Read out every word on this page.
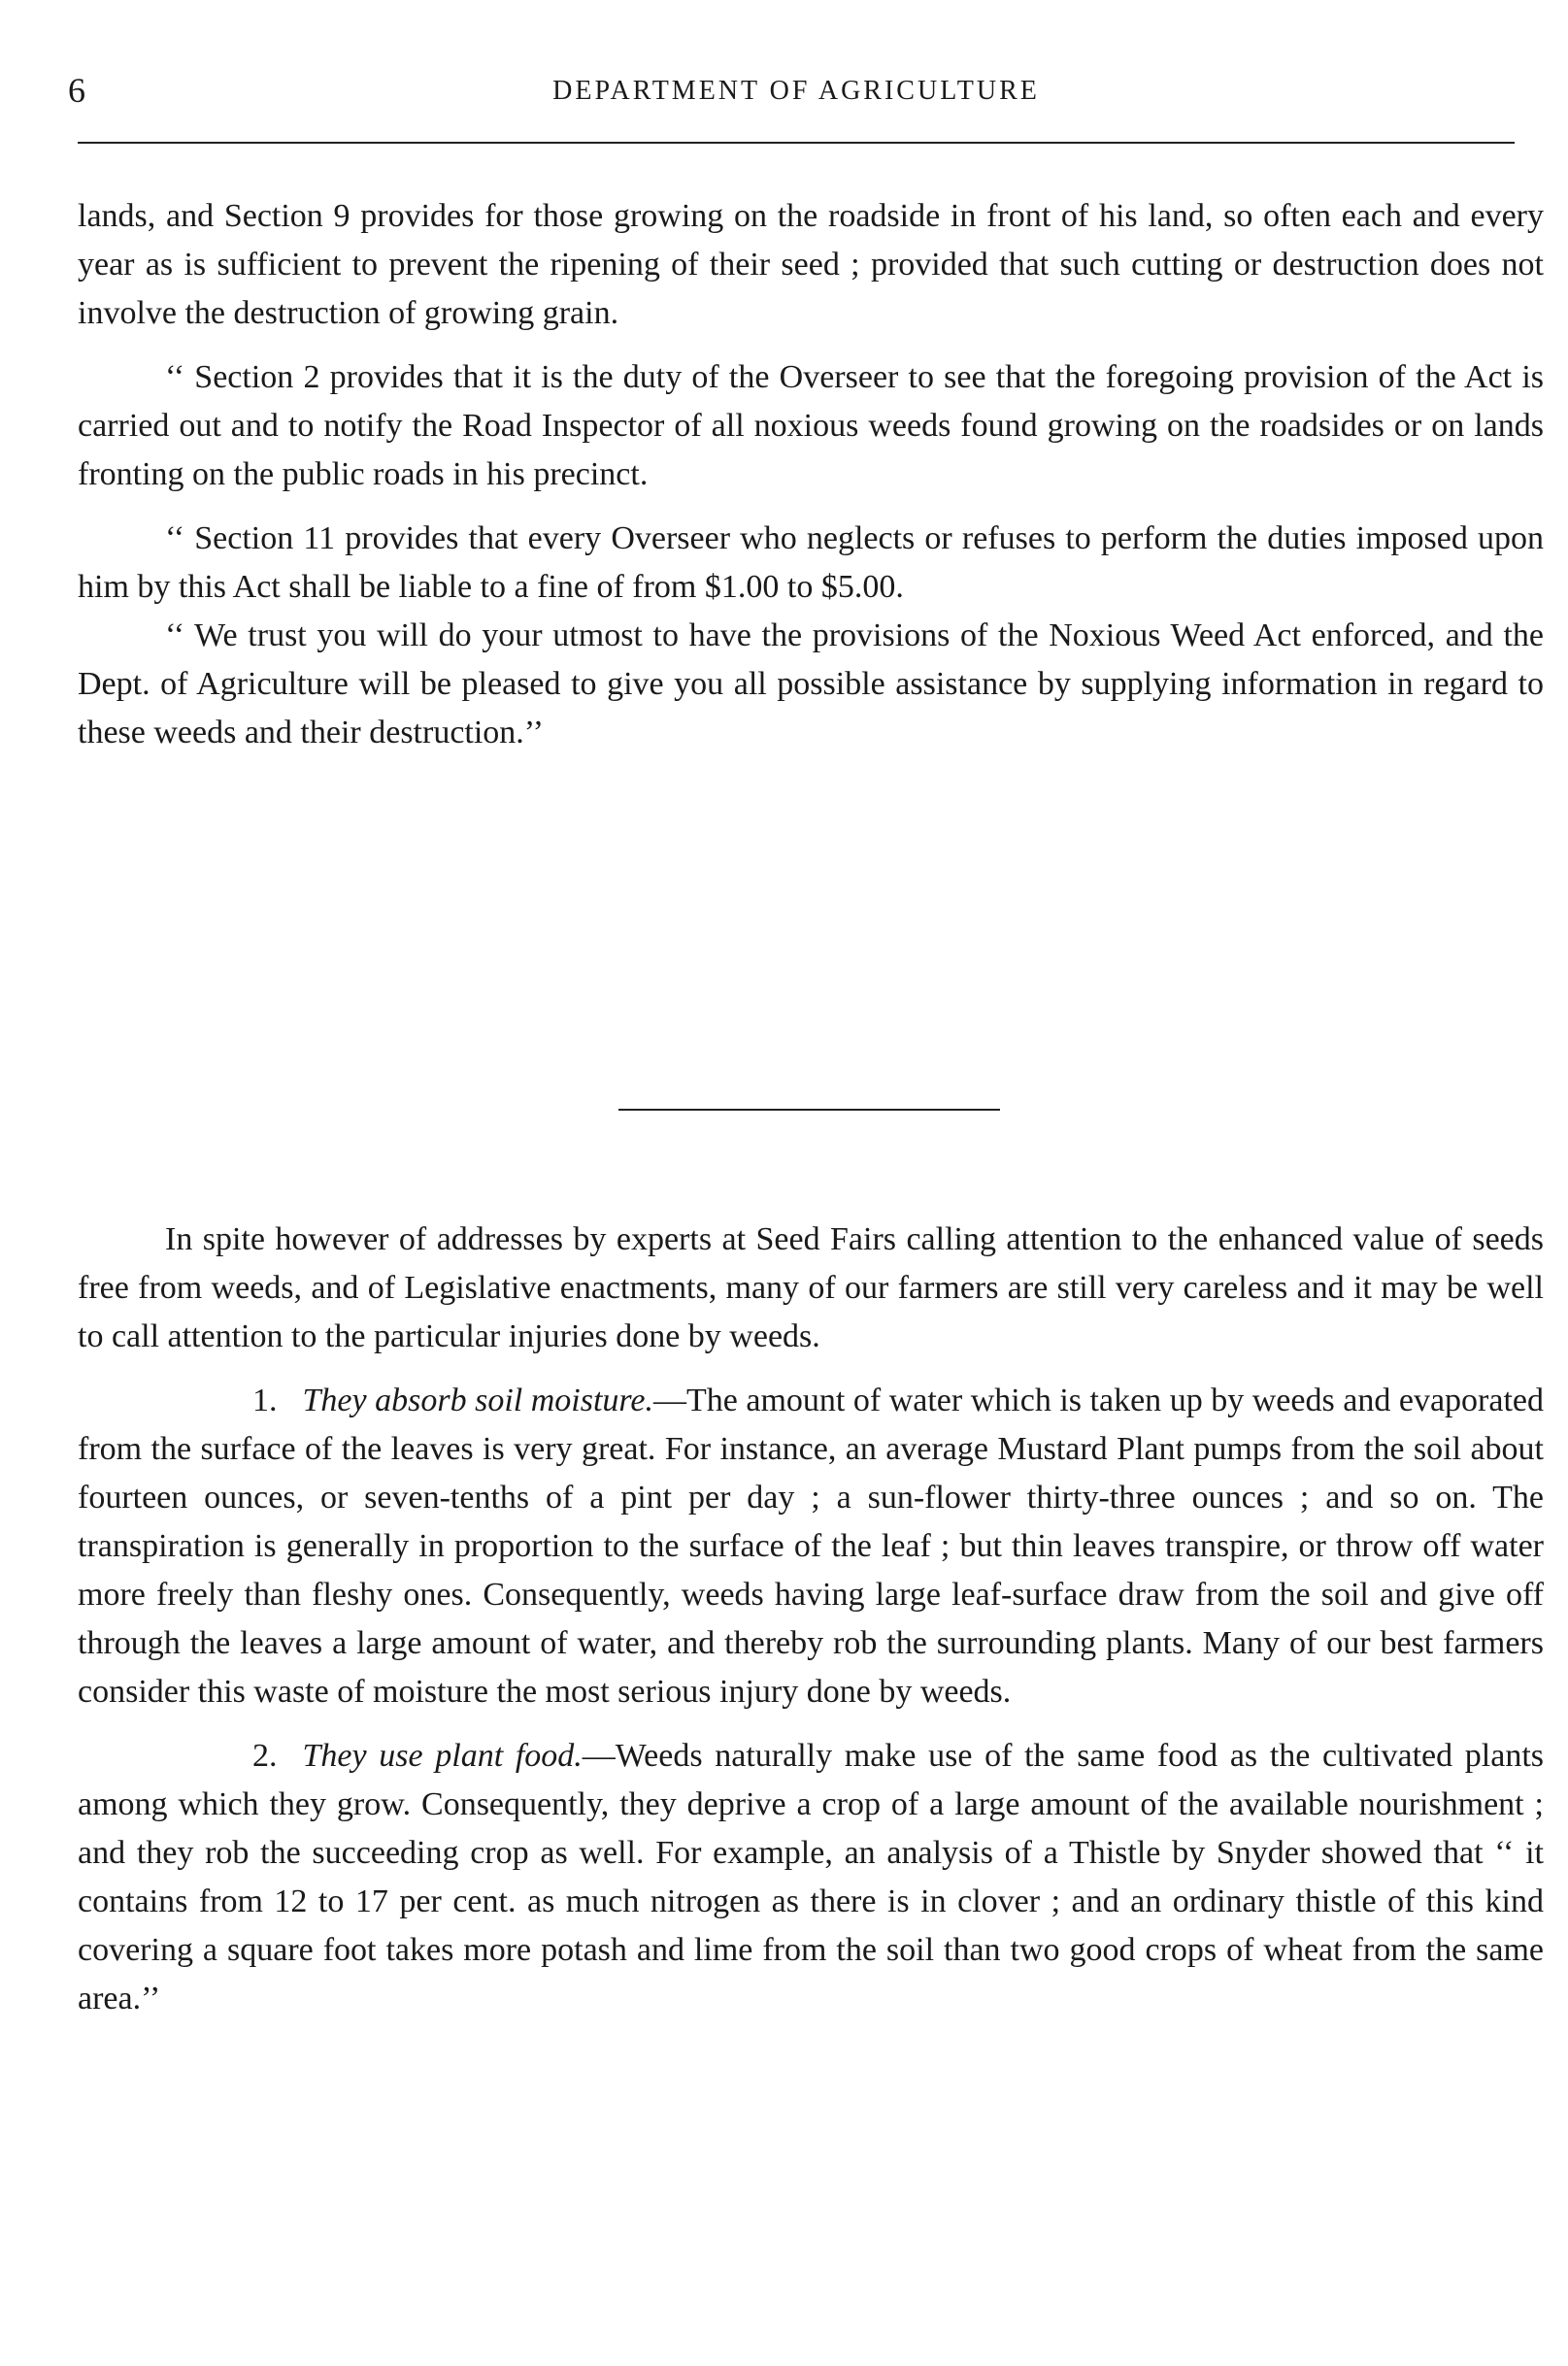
6	DEPARTMENT OF AGRICULTURE

lands, and Section 9 provides for those growing on the roadside in front of his land, so often each and every year as is sufficient to prevent the ripening of their seed ; provided that such cutting or destruction does not involve the destruction of growing grain.

‘‘ Section 2 provides that it is the duty of the Overseer to see that the foregoing provision of the Act is carried out and to notify the Road Inspector of all noxious weeds found growing on the roadsides or on lands fronting on the public roads in his precinct.

‘‘ Section 11 provides that every Overseer who neglects or refuses to perform the duties imposed upon him by this Act shall be liable to a fine of from $1.00 to $5.00.

‘‘ We trust you will do your utmost to have the provisions of the Noxious Weed Act enforced, and the Dept. of Agriculture will be pleased to give you all possible assistance by supplying information in regard to these weeds and their destruction.’’

In spite however of addresses by experts at Seed Fairs calling attention to the enhanced value of seeds free from weeds, and of Legislative enactments, many of our farmers are still very careless and it may be well to call attention to the particular injuries done by weeds.

1. They absorb soil moisture.—The amount of water which is taken up by weeds and evaporated from the surface of the leaves is very great. For instance, an average Mustard Plant pumps from the soil about fourteen ounces, or seven-tenths of a pint per day ; a sun-flower thirty-three ounces ; and so on. The transpiration is generally in proportion to the surface of the leaf ; but thin leaves transpire, or throw off water more freely than fleshy ones. Consequently, weeds having large leaf-surface draw from the soil and give off through the leaves a large amount of water, and thereby rob the surrounding plants. Many of our best farmers consider this waste of moisture the most serious injury done by weeds.

2. They use plant food.—Weeds naturally make use of the same food as the cultivated plants among which they grow. Consequently, they deprive a crop of a large amount of the available nourishment ; and they rob the succeeding crop as well. For example, an analysis of a Thistle by Snyder showed that ‘‘ it contains from 12 to 17 per cent. as much nitrogen as there is in clover ; and an ordinary thistle of this kind covering a square foot takes more potash and lime from the soil than two good crops of wheat from the same area.’’
